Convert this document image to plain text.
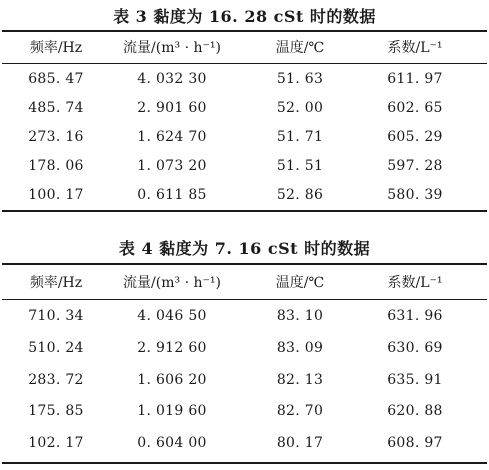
表 3 黏度为 16. 28 cSt 时的数据
频率/Hz	流量/(m³ · h⁻¹)	温度/℃	系数/L⁻¹
685. 47	4. 032 30	51. 63	611. 97
485. 74	2. 901 60	52. 00	602. 65
273. 16	1. 624 70	51. 71	605. 29
178. 06	1. 073 20	51. 51	597. 28
100. 17	0. 611 85	52. 86	580. 39
表 4 黏度为 7. 16 cSt 时的数据
频率/Hz	流量/(m³ · h⁻¹)	温度/℃	系数/L⁻¹
710. 34	4. 046 50	83. 10	631. 96
510. 24	2. 912 60	83. 09	630. 69
283. 72	1. 606 20	82. 13	635. 91
175. 85	1. 019 60	82. 70	620. 88
102. 17	0. 604 00	80. 17	608. 97
